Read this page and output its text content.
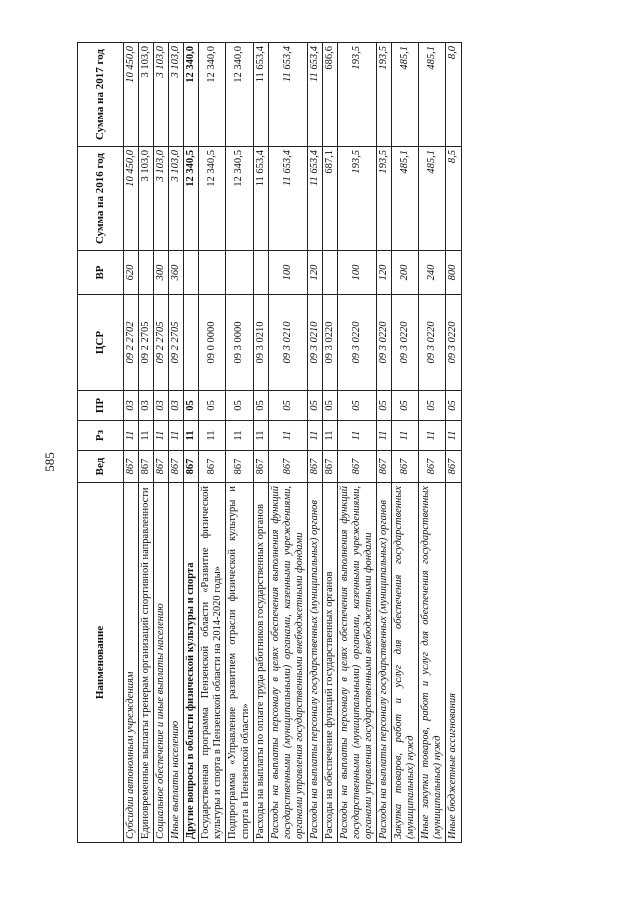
585
Наименование	Вед	Рз	ПР	ЦСР	ВР	Сумма на 2016 год	Сумма на 2017 год
Субсидии автономным учреждениям	867	11	03	09 2 2702	620	10 450,0	10 450,0
Единовременные выплаты тренерам организаций спортивной направленности	867	11	03	09 2 2705		3 103,0	3 103,0
Социальное обеспечение и иные выплаты населению	867	11	03	09 2 2705	300	3 103,0	3 103,0
Иные выплаты населению	867	11	03	09 2 2705	360	3 103,0	3 103,0
Другие вопросы в области физической культуры и спорта	867	11	05			12 340,5	12 340,0
Государственная программа Пензенской области «Развитие физической культуры и спорта в Пензенской области на 2014-2020 годы»	867	11	05	09 0 0000		12 340,5	12 340,0
Подпрограмма «Управление развитием отрасли физической культуры и спорта в Пензенской области»	867	11	05	09 3 0000		12 340,5	12 340,0
Расходы на выплаты по оплате труда работников государственных органов	867	11	05	09 3 0210		11 653,4	11 653,4
Расходы на выплаты персоналу в целях обеспечения выполнения функций государственными (муниципальными) органами, казенными учреждениями, органами управления государственными внебюджетными фондами	867	11	05	09 3 0210	100	11 653,4	11 653,4
Расходы на выплаты персоналу государственных (муниципальных) органов	867	11	05	09 3 0210	120	11 653,4	11 653,4
Расходы на обеспечение функций государственных органов	867	11	05	09 3 0220		687,1	686,6
Расходы на выплаты персоналу в целях обеспечения выполнения функций государственными (муниципальными) органами, казенными учреждениями, органами управления государственными внебюджетными фондами	867	11	05	09 3 0220	100	193,5	193,5
Расходы на выплаты персоналу государственных (муниципальных) органов	867	11	05	09 3 0220	120	193,5	193,5
Закупка товаров, работ и услуг для обеспечения государственных (муниципальных) нужд	867	11	05	09 3 0220	200	485,1	485,1
Иные закупки товаров, работ и услуг для обеспечения государственных (муниципальных) нужд	867	11	05	09 3 0220	240	485,1	485,1
Иные бюджетные ассигнования	867	11	05	09 3 0220	800	8,5	8,0
